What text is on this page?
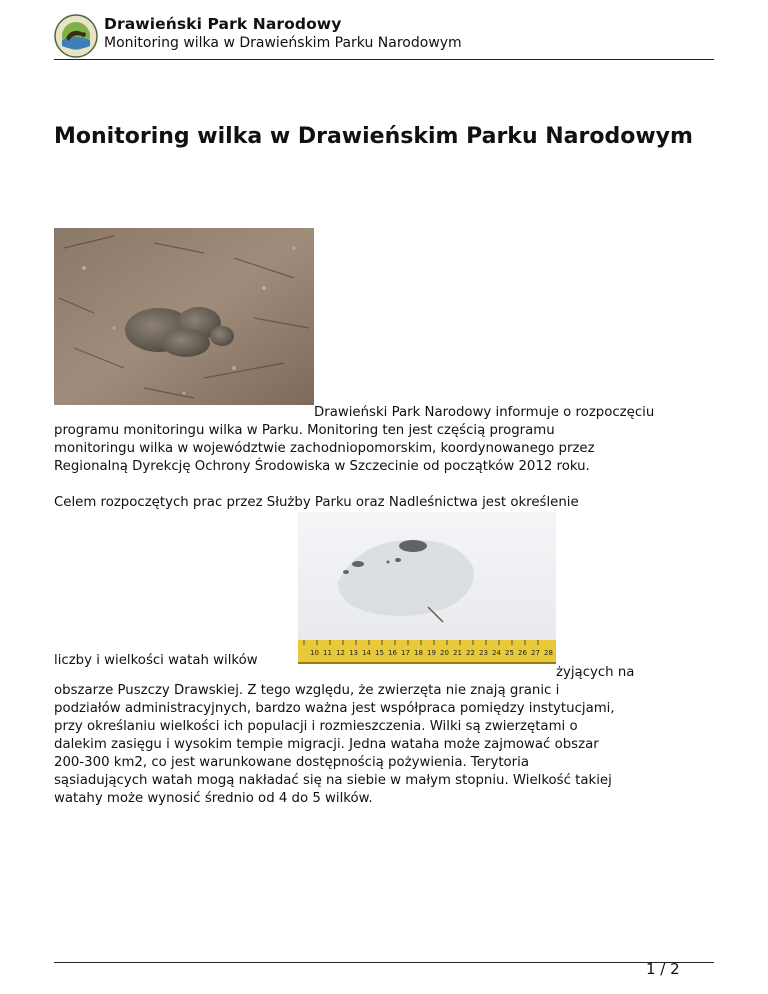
Drawieński Park Narodowy
Monitoring wilka w Drawieńskim Parku Narodowym
Monitoring wilka w Drawieńskim Parku Narodowym

Drawieński Park Narodowy informuje o rozpoczęciu

programu monitoringu wilka w Parku. Monitoring ten jest częścią programu

monitoringu wilka w województwie zachodniopomorskim, koordynowanego przez

Regionalną Dyrekcję Ochrony Środowiska w Szczecinie od początków 2012 roku.

Celem rozpoczętych prac przez Służby Parku oraz Nadleśnictwa jest określenie

10 11 12 13 14 15 16 17 18 19 20 21 22 23 24 25 26 27 28

liczby i wielkości watah wilków

żyjących na

obszarze Puszczy Drawskiej. Z tego względu, że zwierzęta nie znają granic i

podziałów administracyjnych, bardzo ważna jest współpraca pomiędzy instytucjami,

przy określaniu wielkości ich populacji i rozmieszczenia. Wilki są zwierzętami o

dalekim zasięgu i wysokim tempie migracji. Jedna wataha może zajmować obszar

200-300 km2, co jest warunkowane dostępnością pożywienia. Terytoria

sąsiadujących watah mogą nakładać się na siebie w małym stopniu. Wielkość takiej

watahy może wynosić średnio od 4 do 5 wilków.

1 / 2
